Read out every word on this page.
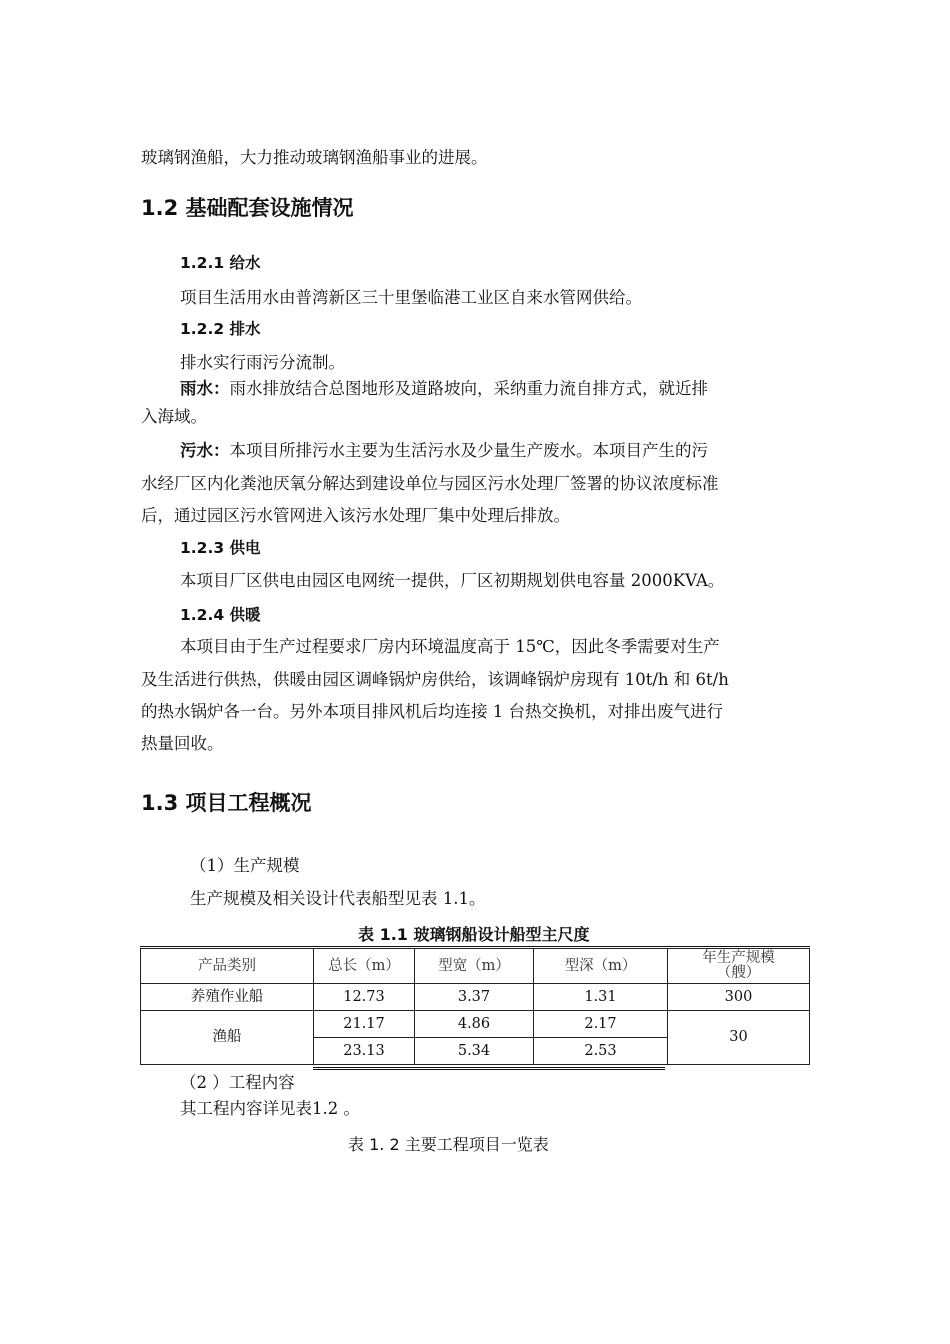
玻璃钢渔船，大力推动玻璃钢渔船事业的进展。
1.2 基础配套设施情况
1.2.1 给水
项目生活用水由普湾新区三十里堡临港工业区自来水管网供给。
1.2.2 排水
排水实行雨污分流制。
雨水：雨水排放结合总图地形及道路坡向，采纳重力流自排方式，就近排
入海域。
污水：本项目所排污水主要为生活污水及少量生产废水。本项目产生的污
水经厂区内化粪池厌氧分解达到建设单位与园区污水处理厂签署的协议浓度标准
后，通过园区污水管网进入该污水处理厂集中处理后排放。
1.2.3 供电
本项目厂区供电由园区电网统一提供，厂区初期规划供电容量 2000KVA。
1.2.4 供暖
本项目由于生产过程要求厂房内环境温度高于 15℃，因此冬季需要对生产
及生活进行供热，供暖由园区调峰锅炉房供给，该调峰锅炉房现有 10t/h 和 6t/h
的热水锅炉各一台。另外本项目排风机后均连接 1 台热交换机，对排出废气进行
热量回收。
1.3 项目工程概况
（1）生产规模
生产规模及相关设计代表船型见表 1.1。
表 1.1 玻璃钢船设计船型主尺度
产品类别	总长（m）	型宽（m）	型深（m）	年生产规模
（艘）

养殖作业船	12.73	3.37	1.31	300
渔船	21.17	4.86	2.17	30
	23.13	5.34	2.53	
（2 ）工程内容
其工程内容详见表1.2 。
表 1. 2 主要工程项目一览表
